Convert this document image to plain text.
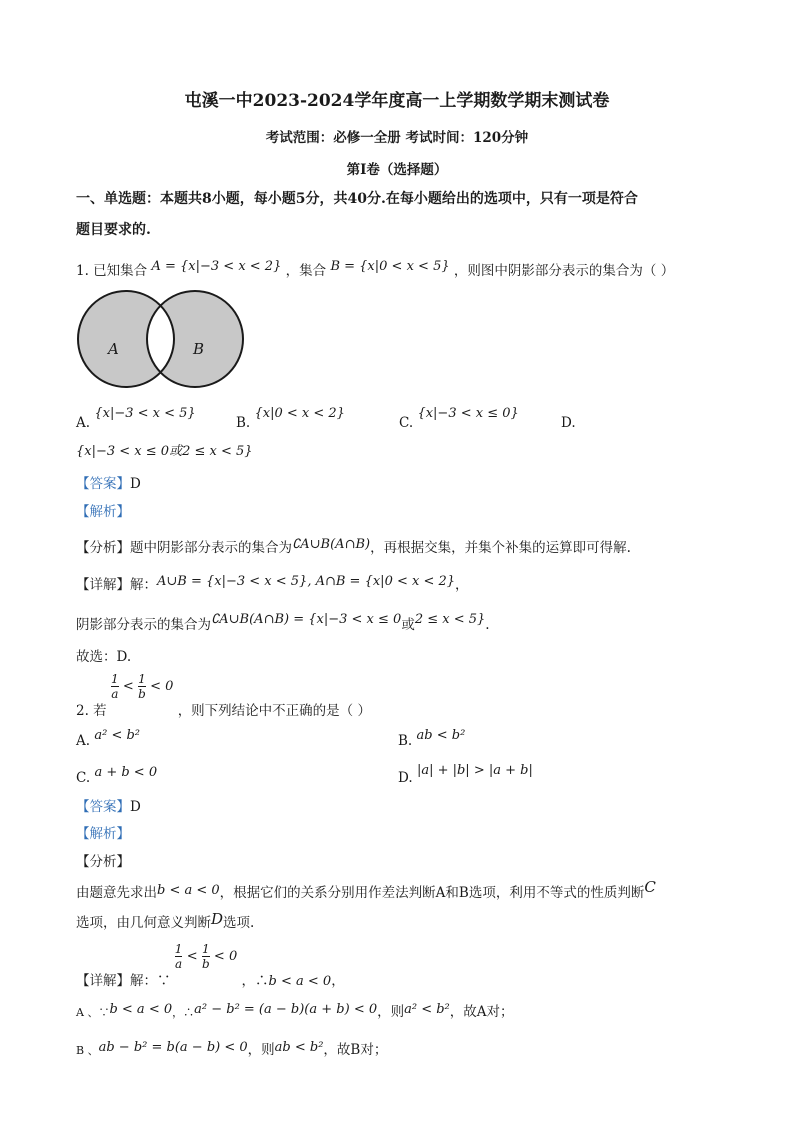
屯溪一中2023-2024学年度高一上学期数学期末测试卷
考试范围：必修一全册 考试时间：120分钟
第I卷（选择题）
一、单选题：本题共8小题，每小题5分，共40分.在每小题给出的选项中，只有一项是符合
题目要求的.
1. 已知集合 A = {x|−3 < x < 2} ，集合 B = {x|0 < x < 5} ，则图中阴影部分表示的集合为（ ）
A	B
A. {x|−3 < x < 5}
B. {x|0 < x < 2}
C. {x|−3 < x ≤ 0}
D.
{x|−3 < x ≤ 0或2 ≤ x < 5}
【答案】D
【解析】
【分析】题中阴影部分表示的集合为∁A∪B(A∩B)，再根据交集，并集个补集的运算即可得解.
【详解】解：A∪B = {x|−3 < x < 5}, A∩B = {x|0 < x < 2}，
阴影部分表示的集合为∁A∪B(A∩B) = {x|−3 < x ≤ 0或2 ≤ x < 5}.
故选：D.
2. 若
$\frac{1}{a} < \frac{1}{b} < 0$ ，则下列结论中不正确的是（ ）
A. a² < b²	B. ab < b²
C. a + b < 0	D. |a| + |b| > |a + b|
【答案】D
【解析】
【分析】
由题意先求出b < a < 0，根据它们的关系分别用作差法判断A和B选项，利用不等式的性质判断C
选项，由几何意义判断D选项.
【详解】解：∵
$\frac{1}{a} < \frac{1}{b} < 0$ ，∴b < a < 0，
A 、∵b < a < 0，∴a² − b² = (a − b)(a + b) < 0，则a² < b²，故A对；
B 、ab − b² = b(a − b) < 0，则ab < b²，故B对；
